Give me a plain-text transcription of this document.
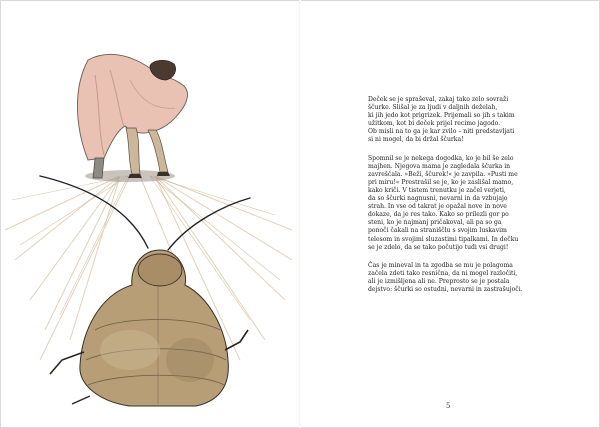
Deček se je spraševal, zakaj tako zelo sovraži
ščurke. Slišal je za ljudi v daljnih deželah,
ki jih jedo kot prigrizek. Prijemali so jih s takim
užitkom, kot bi deček prijel recimo jagodo.
Ob misli na to ga je kar zvilo – niti predstavljati
si ni mogel, da bi držal ščurka!

Spomnil se je nekega dogodka, ko je bil še zelo
majhen. Njegova mama je zagledala ščurka in
zavreščala. »Beži, ščurek!« je zavpila. »Pusti me
pri miru!« Prestrašil se je, ko je zaslišal mamo,
kako kriči. V tistem trenutku je začel verjeti,
da so ščurki nagnusni, nevarni in da vzbujajo
strah. In vse od takrat je opažal nove in nove
dokaze, da je res tako. Kako so prilezli gor po
steni, ko je najmanj pričakoval, ali pa so ga
ponoči čakali na straniščlu s svojim luskavim
telesom in svojimi sluzastimi tipalkami. In dečku
se je zdelo, da se tako počutijo tudi vsi drugi!

Čas je mineval in ta zgodba se mu je polagoma
začela zdeti tako resnična, da ni mogel razločiti,
ali je izmišljena ali ne. Preprosto se je postala
dejstvo: ščurki so ostudni, nevarni in zastrašujoči.

5
